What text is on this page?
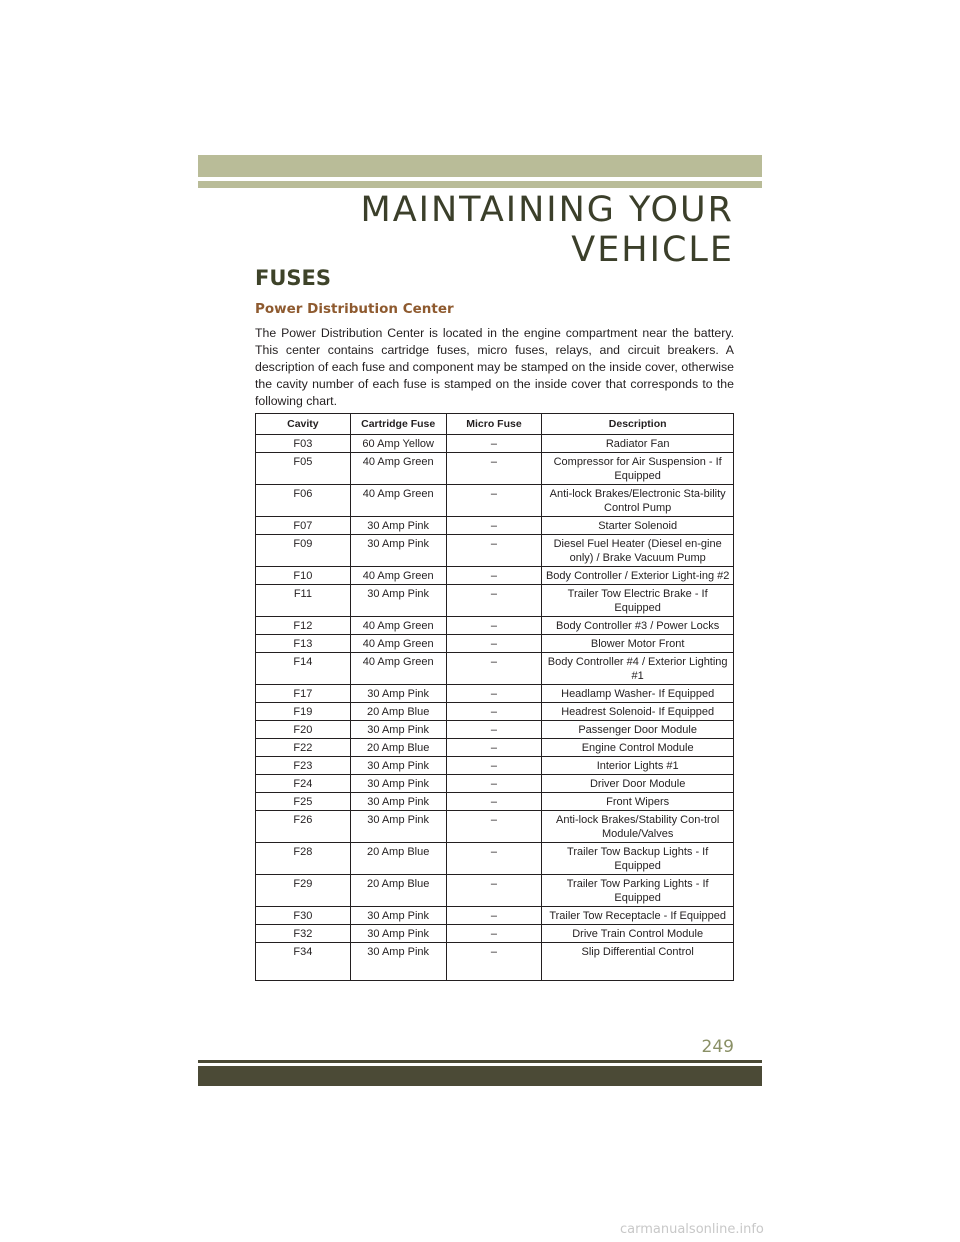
MAINTAINING YOUR VEHICLE
FUSES
Power Distribution Center
The Power Distribution Center is located in the engine compartment near the battery. This center contains cartridge fuses, micro fuses, relays, and circuit breakers. A description of each fuse and component may be stamped on the inside cover, otherwise the cavity number of each fuse is stamped on the inside cover that corresponds to the following chart.
Cavity	Cartridge Fuse	Micro Fuse	Description
F03	60 Amp Yellow	–	Radiator Fan
F05	40 Amp Green	–	Compressor for Air Suspension - If Equipped
F06	40 Amp Green	–	Anti-lock Brakes/Electronic Sta-bility Control Pump
F07	30 Amp Pink	–	Starter Solenoid
F09	30 Amp Pink	–	Diesel Fuel Heater (Diesel en-gine only) / Brake Vacuum Pump
F10	40 Amp Green	–	Body Controller / Exterior Light-ing #2
F11	30 Amp Pink	–	Trailer Tow Electric Brake - If Equipped
F12	40 Amp Green	–	Body Controller #3 / Power Locks
F13	40 Amp Green	–	Blower Motor Front
F14	40 Amp Green	–	Body Controller #4 / Exterior Lighting #1
F17	30 Amp Pink	–	Headlamp Washer- If Equipped
F19	20 Amp Blue	–	Headrest Solenoid- If Equipped
F20	30 Amp Pink	–	Passenger Door Module
F22	20 Amp Blue	–	Engine Control Module
F23	30 Amp Pink	–	Interior Lights #1
F24	30 Amp Pink	–	Driver Door Module
F25	30 Amp Pink	–	Front Wipers
F26	30 Amp Pink	–	Anti-lock Brakes/Stability Con-trol Module/Valves
F28	20 Amp Blue	–	Trailer Tow Backup Lights - If Equipped
F29	20 Amp Blue	–	Trailer Tow Parking Lights - If Equipped
F30	30 Amp Pink	–	Trailer Tow Receptacle - If Equipped
F32	30 Amp Pink	–	Drive Train Control Module
F34	30 Amp Pink	–	Slip Differential Control
249
carmanualsonline.info
